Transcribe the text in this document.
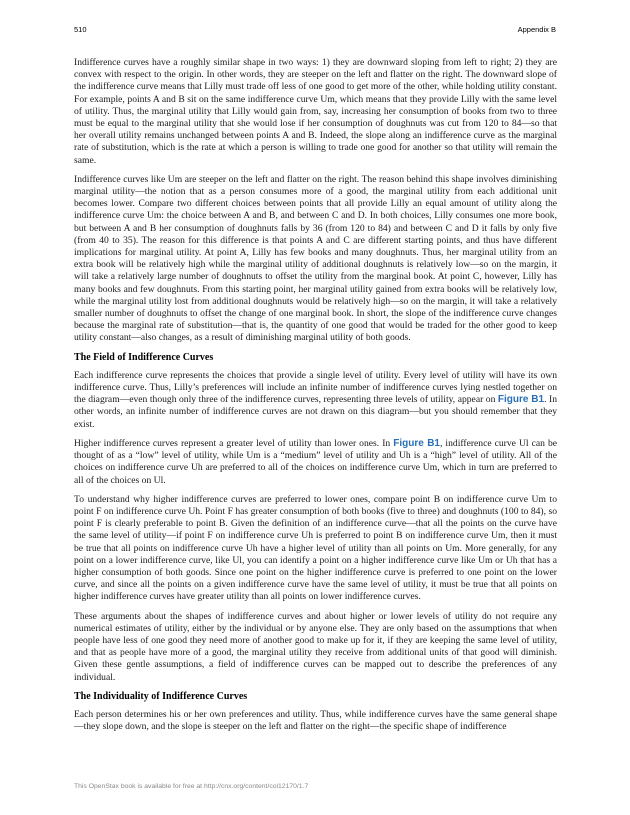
510	Appendix B

Indifference curves have a roughly similar shape in two ways: 1) they are downward sloping from left to right; 2) they are convex with respect to the origin. In other words, they are steeper on the left and flatter on the right. The downward slope of the indifference curve means that Lilly must trade off less of one good to get more of the other, while holding utility constant. For example, points A and B sit on the same indifference curve Um, which means that they provide Lilly with the same level of utility. Thus, the marginal utility that Lilly would gain from, say, increasing her consumption of books from two to three must be equal to the marginal utility that she would lose if her consumption of doughnuts was cut from 120 to 84—so that her overall utility remains unchanged between points A and B. Indeed, the slope along an indifference curve as the marginal rate of substitution, which is the rate at which a person is willing to trade one good for another so that utility will remain the same.

Indifference curves like Um are steeper on the left and flatter on the right. The reason behind this shape involves diminishing marginal utility—the notion that as a person consumes more of a good, the marginal utility from each additional unit becomes lower. Compare two different choices between points that all provide Lilly an equal amount of utility along the indifference curve Um: the choice between A and B, and between C and D. In both choices, Lilly consumes one more book, but between A and B her consumption of doughnuts falls by 36 (from 120 to 84) and between C and D it falls by only five (from 40 to 35). The reason for this difference is that points A and C are different starting points, and thus have different implications for marginal utility. At point A, Lilly has few books and many doughnuts. Thus, her marginal utility from an extra book will be relatively high while the marginal utility of additional doughnuts is relatively low—so on the margin, it will take a relatively large number of doughnuts to offset the utility from the marginal book. At point C, however, Lilly has many books and few doughnuts. From this starting point, her marginal utility gained from extra books will be relatively low, while the marginal utility lost from additional doughnuts would be relatively high—so on the margin, it will take a relatively smaller number of doughnuts to offset the change of one marginal book. In short, the slope of the indifference curve changes because the marginal rate of substitution—that is, the quantity of one good that would be traded for the other good to keep utility constant—also changes, as a result of diminishing marginal utility of both goods.

The Field of Indifference Curves

Each indifference curve represents the choices that provide a single level of utility. Every level of utility will have its own indifference curve. Thus, Lilly’s preferences will include an infinite number of indifference curves lying nestled together on the diagram—even though only three of the indifference curves, representing three levels of utility, appear on Figure B1. In other words, an infinite number of indifference curves are not drawn on this diagram—but you should remember that they exist.

Higher indifference curves represent a greater level of utility than lower ones. In Figure B1, indifference curve Ul can be thought of as a “low” level of utility, while Um is a “medium” level of utility and Uh is a “high” level of utility. All of the choices on indifference curve Uh are preferred to all of the choices on indifference curve Um, which in turn are preferred to all of the choices on Ul.

To understand why higher indifference curves are preferred to lower ones, compare point B on indifference curve Um to point F on indifference curve Uh. Point F has greater consumption of both books (five to three) and doughnuts (100 to 84), so point F is clearly preferable to point B. Given the definition of an indifference curve—that all the points on the curve have the same level of utility—if point F on indifference curve Uh is preferred to point B on indifference curve Um, then it must be true that all points on indifference curve Uh have a higher level of utility than all points on Um. More generally, for any point on a lower indifference curve, like Ul, you can identify a point on a higher indifference curve like Um or Uh that has a higher consumption of both goods. Since one point on the higher indifference curve is preferred to one point on the lower curve, and since all the points on a given indifference curve have the same level of utility, it must be true that all points on higher indifference curves have greater utility than all points on lower indifference curves.

These arguments about the shapes of indifference curves and about higher or lower levels of utility do not require any numerical estimates of utility, either by the individual or by anyone else. They are only based on the assumptions that when people have less of one good they need more of another good to make up for it, if they are keeping the same level of utility, and that as people have more of a good, the marginal utility they receive from additional units of that good will diminish. Given these gentle assumptions, a field of indifference curves can be mapped out to describe the preferences of any individual.

The Individuality of Indifference Curves

Each person determines his or her own preferences and utility. Thus, while indifference curves have the same general shape—they slope down, and the slope is steeper on the left and flatter on the right—the specific shape of indifference

This OpenStax book is available for free at http://cnx.org/content/col12170/1.7
